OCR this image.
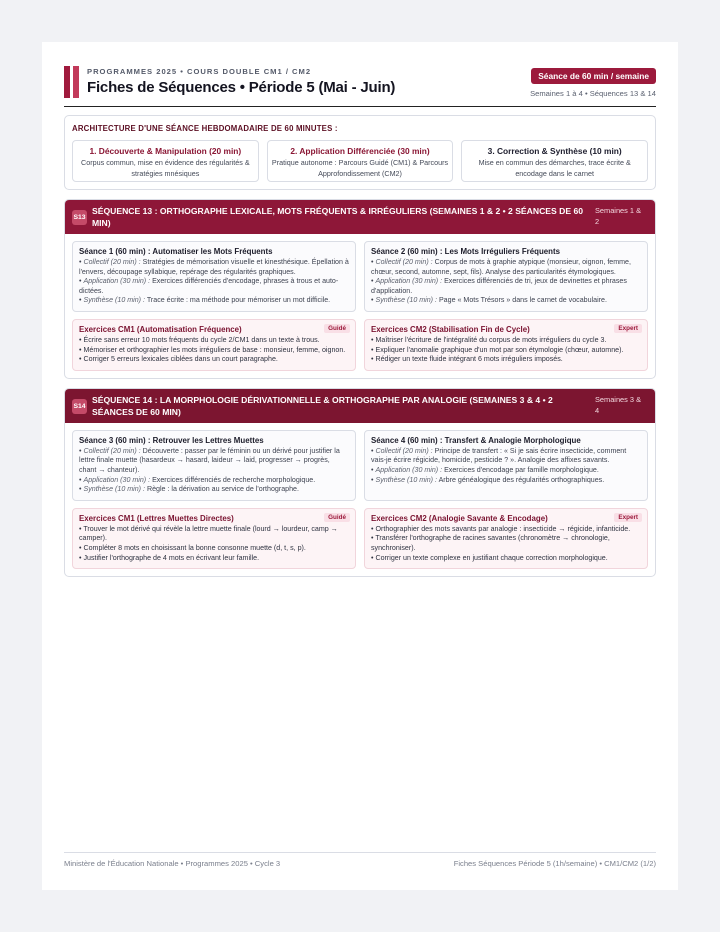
PROGRAMMES 2025 • COURS DOUBLE CM1 / CM2
Fiches de Séquences • Période 5 (Mai - Juin)
Séance de 60 min / semaine
Semaines 1 à 4 • Séquences 13 & 14
ARCHITECTURE D'UNE SÉANCE HEBDOMADAIRE DE 60 MINUTES :
1. Découverte & Manipulation (20 min)

Corpus commun, mise en évidence des régularités & stratégies mnésiques

2. Application Différenciée (30 min)

Pratique autonome : Parcours Guidé (CM1) & Parcours Approfondissement (CM2)

3. Correction & Synthèse (10 min)

Mise en commun des démarches, trace écrite & encodage dans le carnet

S13
SÉQUENCE 13 : ORTHOGRAPHE LEXICALE, MOTS FRÉQUENTS & IRRÉGULIERS (SEMAINES 1 & 2 • 2 SÉANCES DE 60 MIN)
Semaines 1 & 2
Séance 1 (60 min) : Automatiser les Mots Fréquents

• Collectif (20 min) : Stratégies de mémorisation visuelle et kinesthésique. Épellation à l'envers, découpage syllabique, repérage des régularités graphiques.

• Application (30 min) : Exercices différenciés d'encodage, phrases à trous et auto-dictées.

• Synthèse (10 min) : Trace écrite : ma méthode pour mémoriser un mot difficile.

Séance 2 (60 min) : Les Mots Irréguliers Fréquents

• Collectif (20 min) : Corpus de mots à graphie atypique (monsieur, oignon, femme, chœur, second, automne, sept, fils). Analyse des particularités étymologiques.

• Application (30 min) : Exercices différenciés de tri, jeux de devinettes et phrases d'application.

• Synthèse (10 min) : Page « Mots Trésors » dans le carnet de vocabulaire.

Guidé
Exercices CM1 (Automatisation Fréquence)

• Écrire sans erreur 10 mots fréquents du cycle 2/CM1 dans un texte à trous.

• Mémoriser et orthographier les mots irréguliers de base : monsieur, femme, oignon.

• Corriger 5 erreurs lexicales ciblées dans un court paragraphe.

Expert
Exercices CM2 (Stabilisation Fin de Cycle)

• Maîtriser l'écriture de l'intégralité du corpus de mots irréguliers du cycle 3.

• Expliquer l'anomalie graphique d'un mot par son étymologie (chœur, automne).

• Rédiger un texte fluide intégrant 6 mots irréguliers imposés.

S14
SÉQUENCE 14 : LA MORPHOLOGIE DÉRIVATIONNELLE & ORTHOGRAPHE PAR ANALOGIE (SEMAINES 3 & 4 • 2 SÉANCES DE 60 MIN)
Semaines 3 & 4
Séance 3 (60 min) : Retrouver les Lettres Muettes

• Collectif (20 min) : Découverte : passer par le féminin ou un dérivé pour justifier la lettre finale muette (hasardeux → hasard, laideur → laid, progresser → progrès, chant → chanteur).

• Application (30 min) : Exercices différenciés de recherche morphologique.

• Synthèse (10 min) : Règle : la dérivation au service de l'orthographe.

Séance 4 (60 min) : Transfert & Analogie Morphologique

• Collectif (20 min) : Principe de transfert : « Si je sais écrire insecticide, comment vais-je écrire régicide, homicide, pesticide ? ». Analogie des affixes savants.

• Application (30 min) : Exercices d'encodage par famille morphologique.

• Synthèse (10 min) : Arbre généalogique des régularités orthographiques.

Guidé
Exercices CM1 (Lettres Muettes Directes)

• Trouver le mot dérivé qui révèle la lettre muette finale (lourd → lourdeur, camp → camper).

• Compléter 8 mots en choisissant la bonne consonne muette (d, t, s, p).

• Justifier l'orthographe de 4 mots en écrivant leur famille.

Expert
Exercices CM2 (Analogie Savante & Encodage)

• Orthographier des mots savants par analogie : insecticide → régicide, infanticide.

• Transférer l'orthographe de racines savantes (chronomètre → chronologie, synchroniser).

• Corriger un texte complexe en justifiant chaque correction morphologique.

Ministère de l'Éducation Nationale • Programmes 2025 • Cycle 3	Fiches Séquences Période 5 (1h/semaine) • CM1/CM2 (1/2)
